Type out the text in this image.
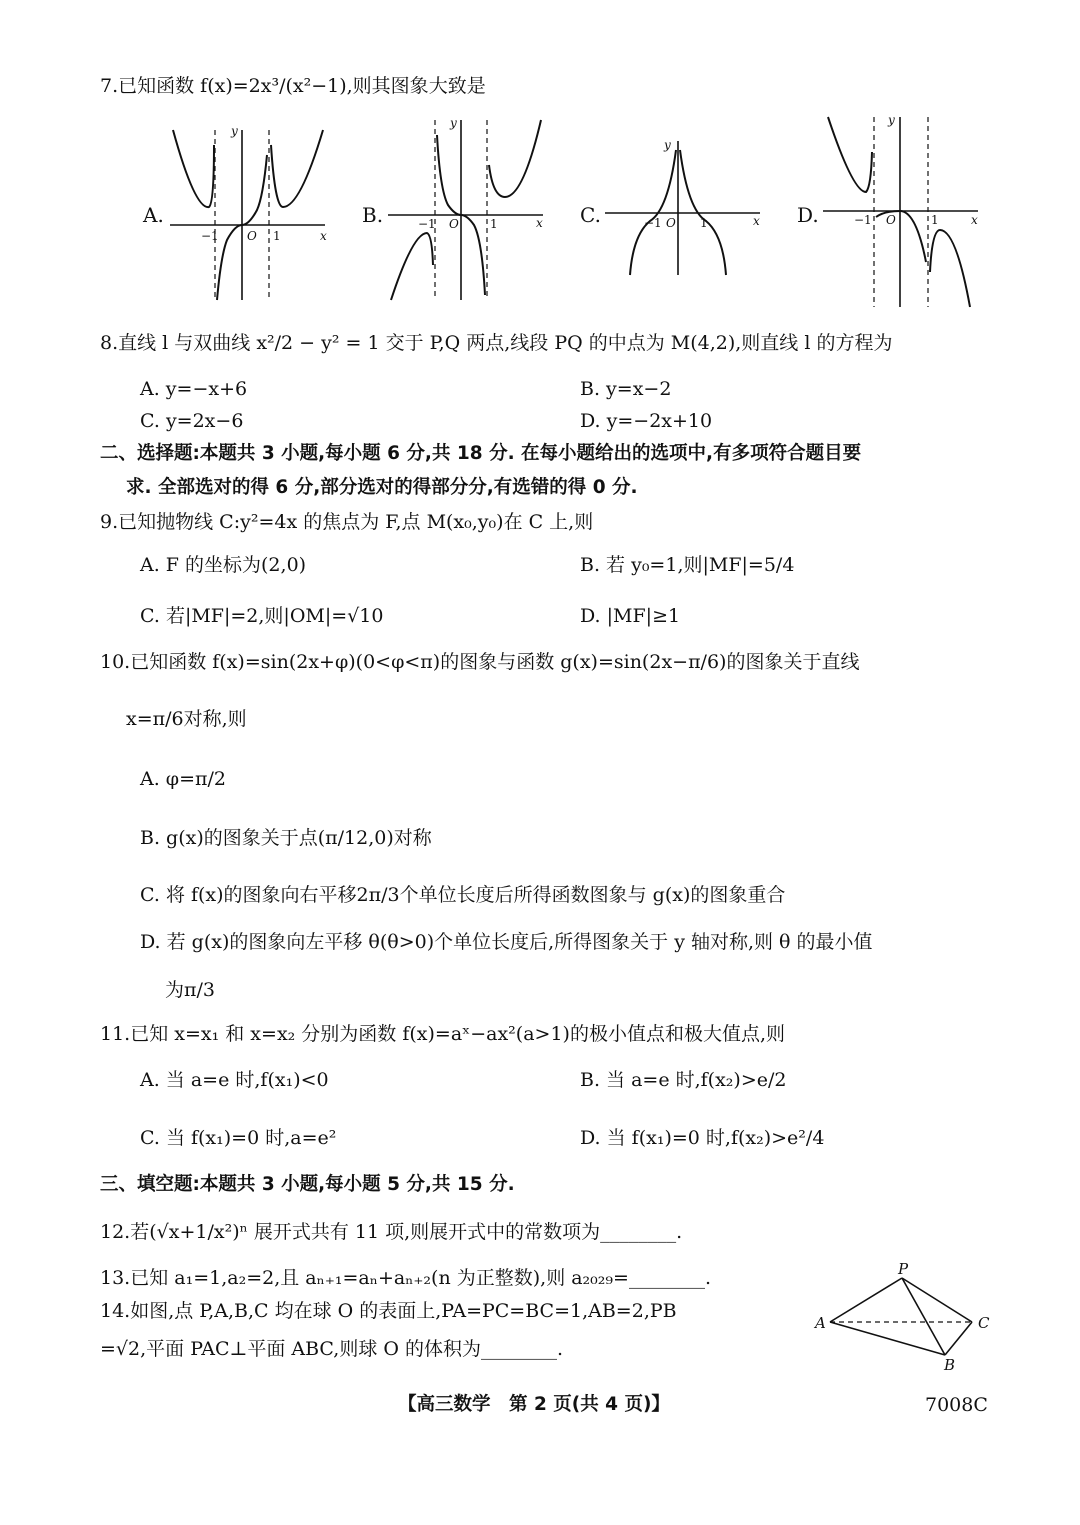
7.已知函数 f(x)=2x³/(x²−1),则其图象大致是
A.
y
x
O
−1	1
B.
y
x
O
−1	1	C.
y
x
O
−1	1	D.
y
x
O
−1	1
8.直线 l 与双曲线 x²/2 − y² = 1 交于 P,Q 两点,线段 PQ 的中点为 M(4,2),则直线 l 的方程为
A. y=−x+6	B. y=x−2
C. y=2x−6	D. y=−2x+10
二、选择题:本题共 3 小题,每小题 6 分,共 18 分. 在每小题给出的选项中,有多项符合题目要
求. 全部选对的得 6 分,部分选对的得部分分,有选错的得 0 分.
9.已知抛物线 C:y²=4x 的焦点为 F,点 M(x₀,y₀)在 C 上,则
A. F 的坐标为(2,0)	B. 若 y₀=1,则|MF|=5/4
C. 若|MF|=2,则|OM|=√10	D. |MF|≥1
10.已知函数 f(x)=sin(2x+φ)(0<φ<π)的图象与函数 g(x)=sin(2x−π/6)的图象关于直线
x=π/6对称,则
A. φ=π/2
B. g(x)的图象关于点(π/12,0)对称
C. 将 f(x)的图象向右平移2π/3个单位长度后所得函数图象与 g(x)的图象重合
D. 若 g(x)的图象向左平移 θ(θ>0)个单位长度后,所得图象关于 y 轴对称,则 θ 的最小值
为π/3
11.已知 x=x₁ 和 x=x₂ 分别为函数 f(x)=aˣ−ax²(a>1)的极小值点和极大值点,则
A. 当 a=e 时,f(x₁)<0	B. 当 a=e 时,f(x₂)>e/2
C. 当 f(x₁)=0 时,a=e²	D. 当 f(x₁)=0 时,f(x₂)>e²/4
三、填空题:本题共 3 小题,每小题 5 分,共 15 分.
12.若(√x+1/x²)ⁿ 展开式共有 11 项,则展开式中的常数项为________.
13.已知 a₁=1,a₂=2,且 aₙ₊₁=aₙ+aₙ₊₂(n 为正整数),则 a₂₀₂₉=________.
14.如图,点 P,A,B,C 均在球 O 的表面上,PA=PC=BC=1,AB=2,PB
=√2,平面 PAC⊥平面 ABC,则球 O 的体积为________.
P
A
B
C
【高三数学　第 2 页(共 4 页)】	7008C
